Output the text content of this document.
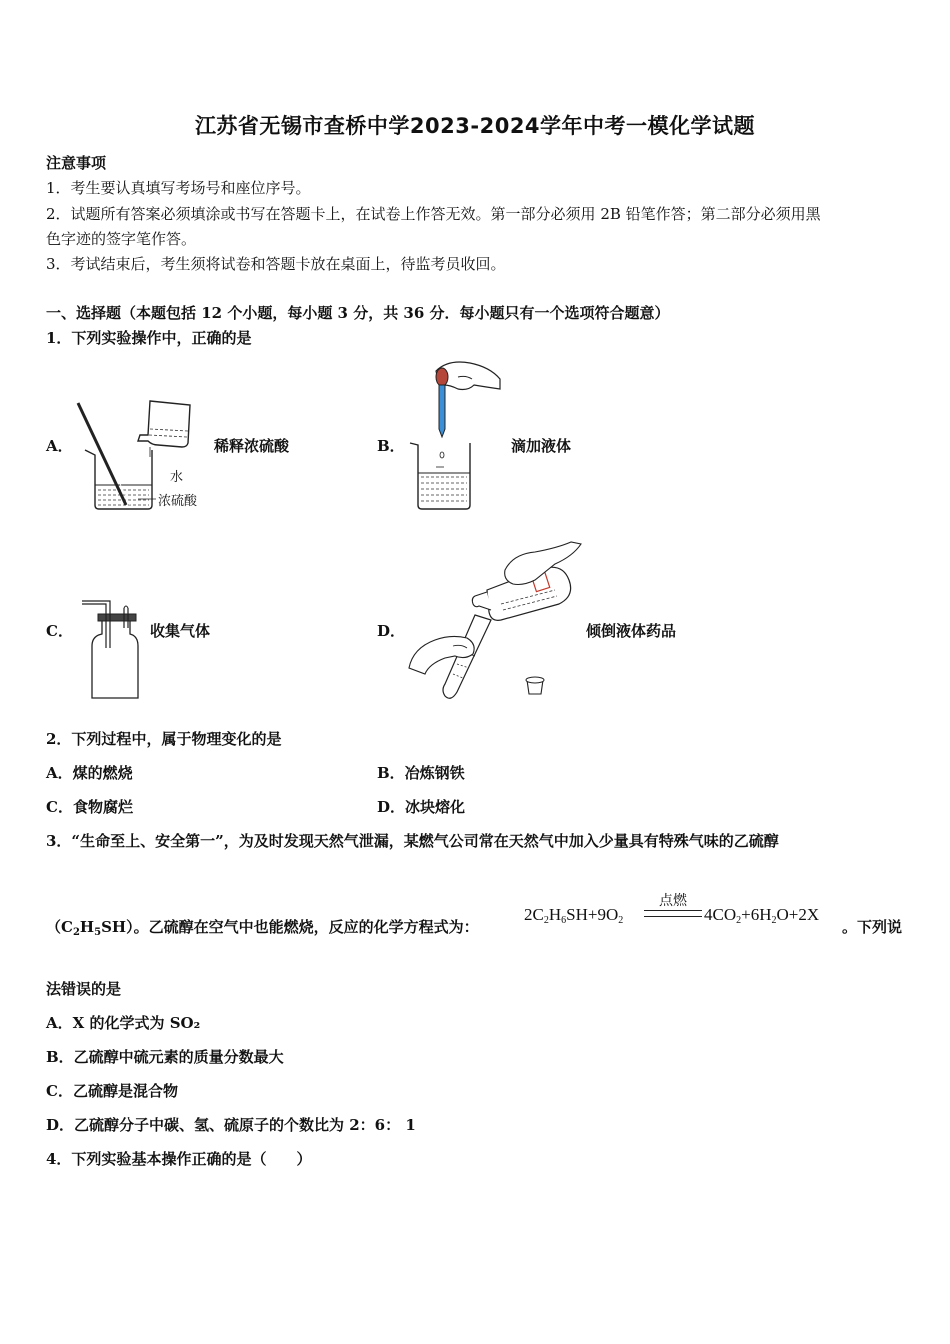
江苏省无锡市查桥中学2023-2024学年中考一模化学试题
注意事项
1．考生要认真填写考场号和座位序号。
2．试题所有答案必须填涂或书写在答题卡上，在试卷上作答无效。第一部分必须用 2B 铅笔作答；第二部分必须用黑
色字迹的签字笔作答。
3．考试结束后，考生须将试卷和答题卡放在桌面上，待监考员收回。
一、选择题（本题包括 12 个小题，每小题 3 分，共 36 分．每小题只有一个选项符合题意）
1．下列实验操作中，正确的是
A．
水
浓硫酸
稀释浓硫酸	B．	滴加液体
C．	收集气体	D．	倾倒液体药品
2．下列过程中，属于物理变化的是
A．煤的燃烧	B．冶炼钢铁
C．食物腐烂	D．冰块熔化
3．“生命至上、安全第一”，为及时发现天然气泄漏，某燃气公司常在天然气中加入少量具有特殊气味的乙硫醇
$(C_2H_5SH)$。乙硫醇在空气中也能燃烧，反应的化学方程式为：
$2C_2H_6SH+9O_2$
点燃
$4CO_2+6H_2O+2X$
。下列说
法错误的是
A．X 的化学式为 SO₂
B．乙硫醇中硫元素的质量分数最大
C．乙硫醇是混合物
D．乙硫醇分子中碳、氢、硫原子的个数比为 2：6： 1
4．下列实验基本操作正确的是（　　）
